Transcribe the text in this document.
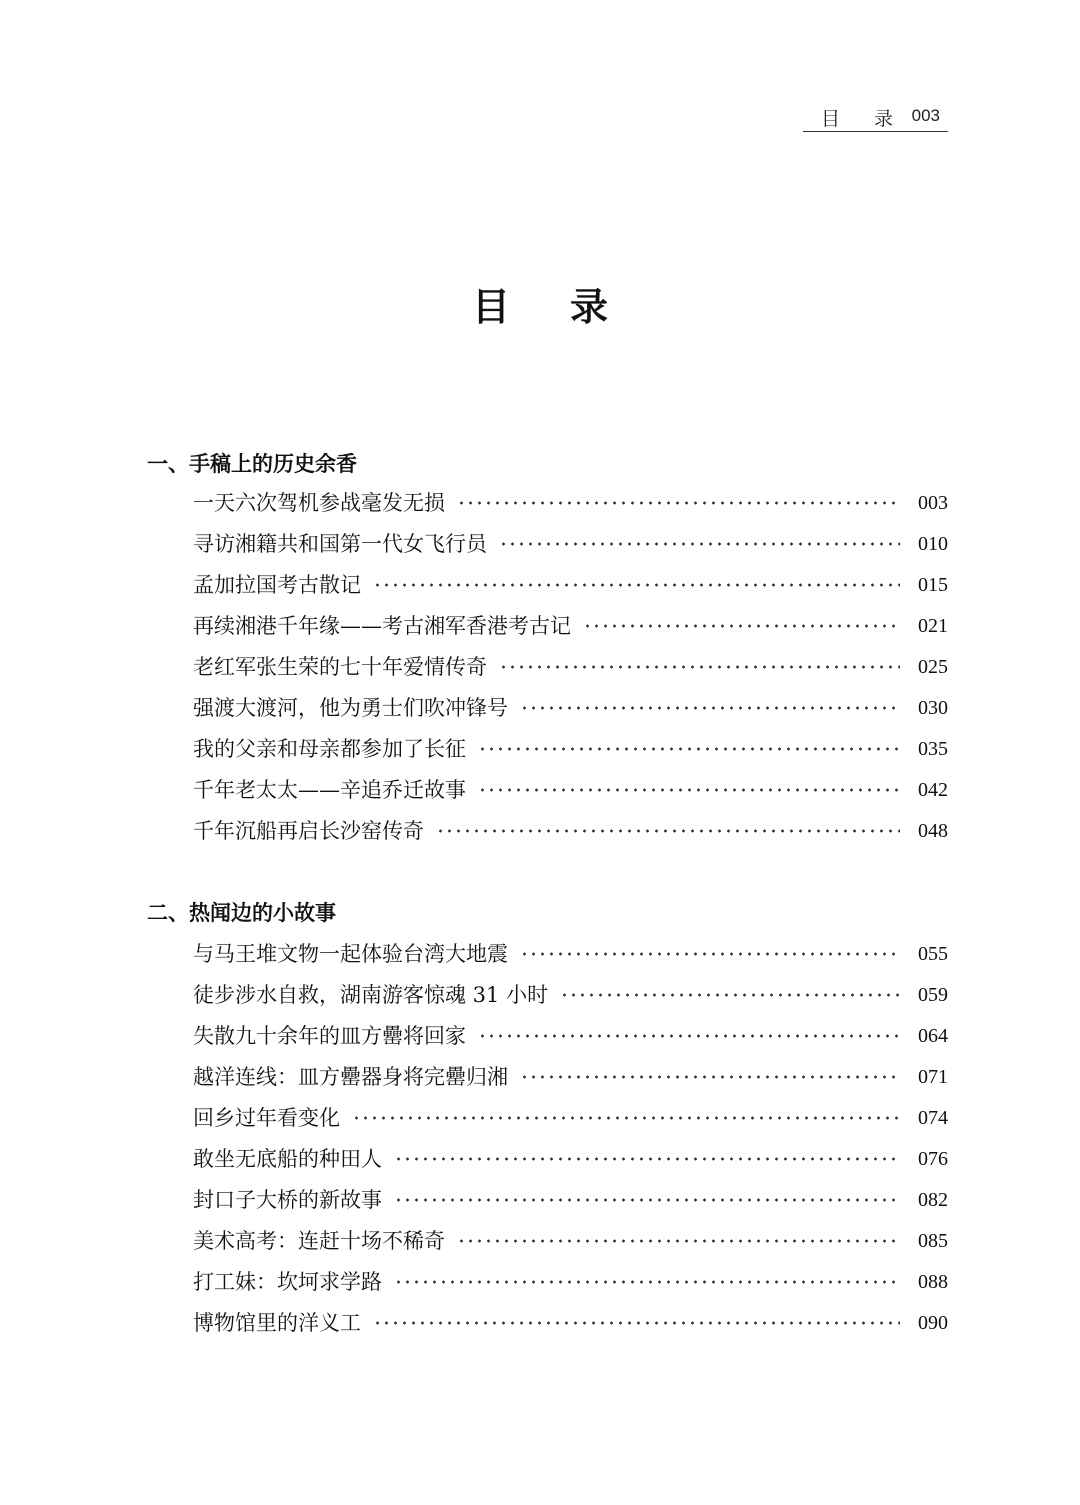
目 录 003
目录
一、手稿上的历史余香
一天六次驾机参战毫发无损	003
寻访湘籍共和国第一代女飞行员	010
孟加拉国考古散记	015
再续湘港千年缘——考古湘军香港考古记	021
老红军张生荣的七十年爱情传奇	025
强渡大渡河，他为勇士们吹冲锋号	030
我的父亲和母亲都参加了长征	035
千年老太太——辛追乔迁故事	042
千年沉船再启长沙窑传奇	048
二、热闻边的小故事
与马王堆文物一起体验台湾大地震	055
徒步涉水自救，湖南游客惊魂 31 小时	059
失散九十余年的皿方罍将回家	064
越洋连线：皿方罍器身将完罍归湘	071
回乡过年看变化	074
敢坐无底船的种田人	076
封口子大桥的新故事	082
美术高考：连赶十场不稀奇	085
打工妹：坎坷求学路	088
博物馆里的洋义工	090
